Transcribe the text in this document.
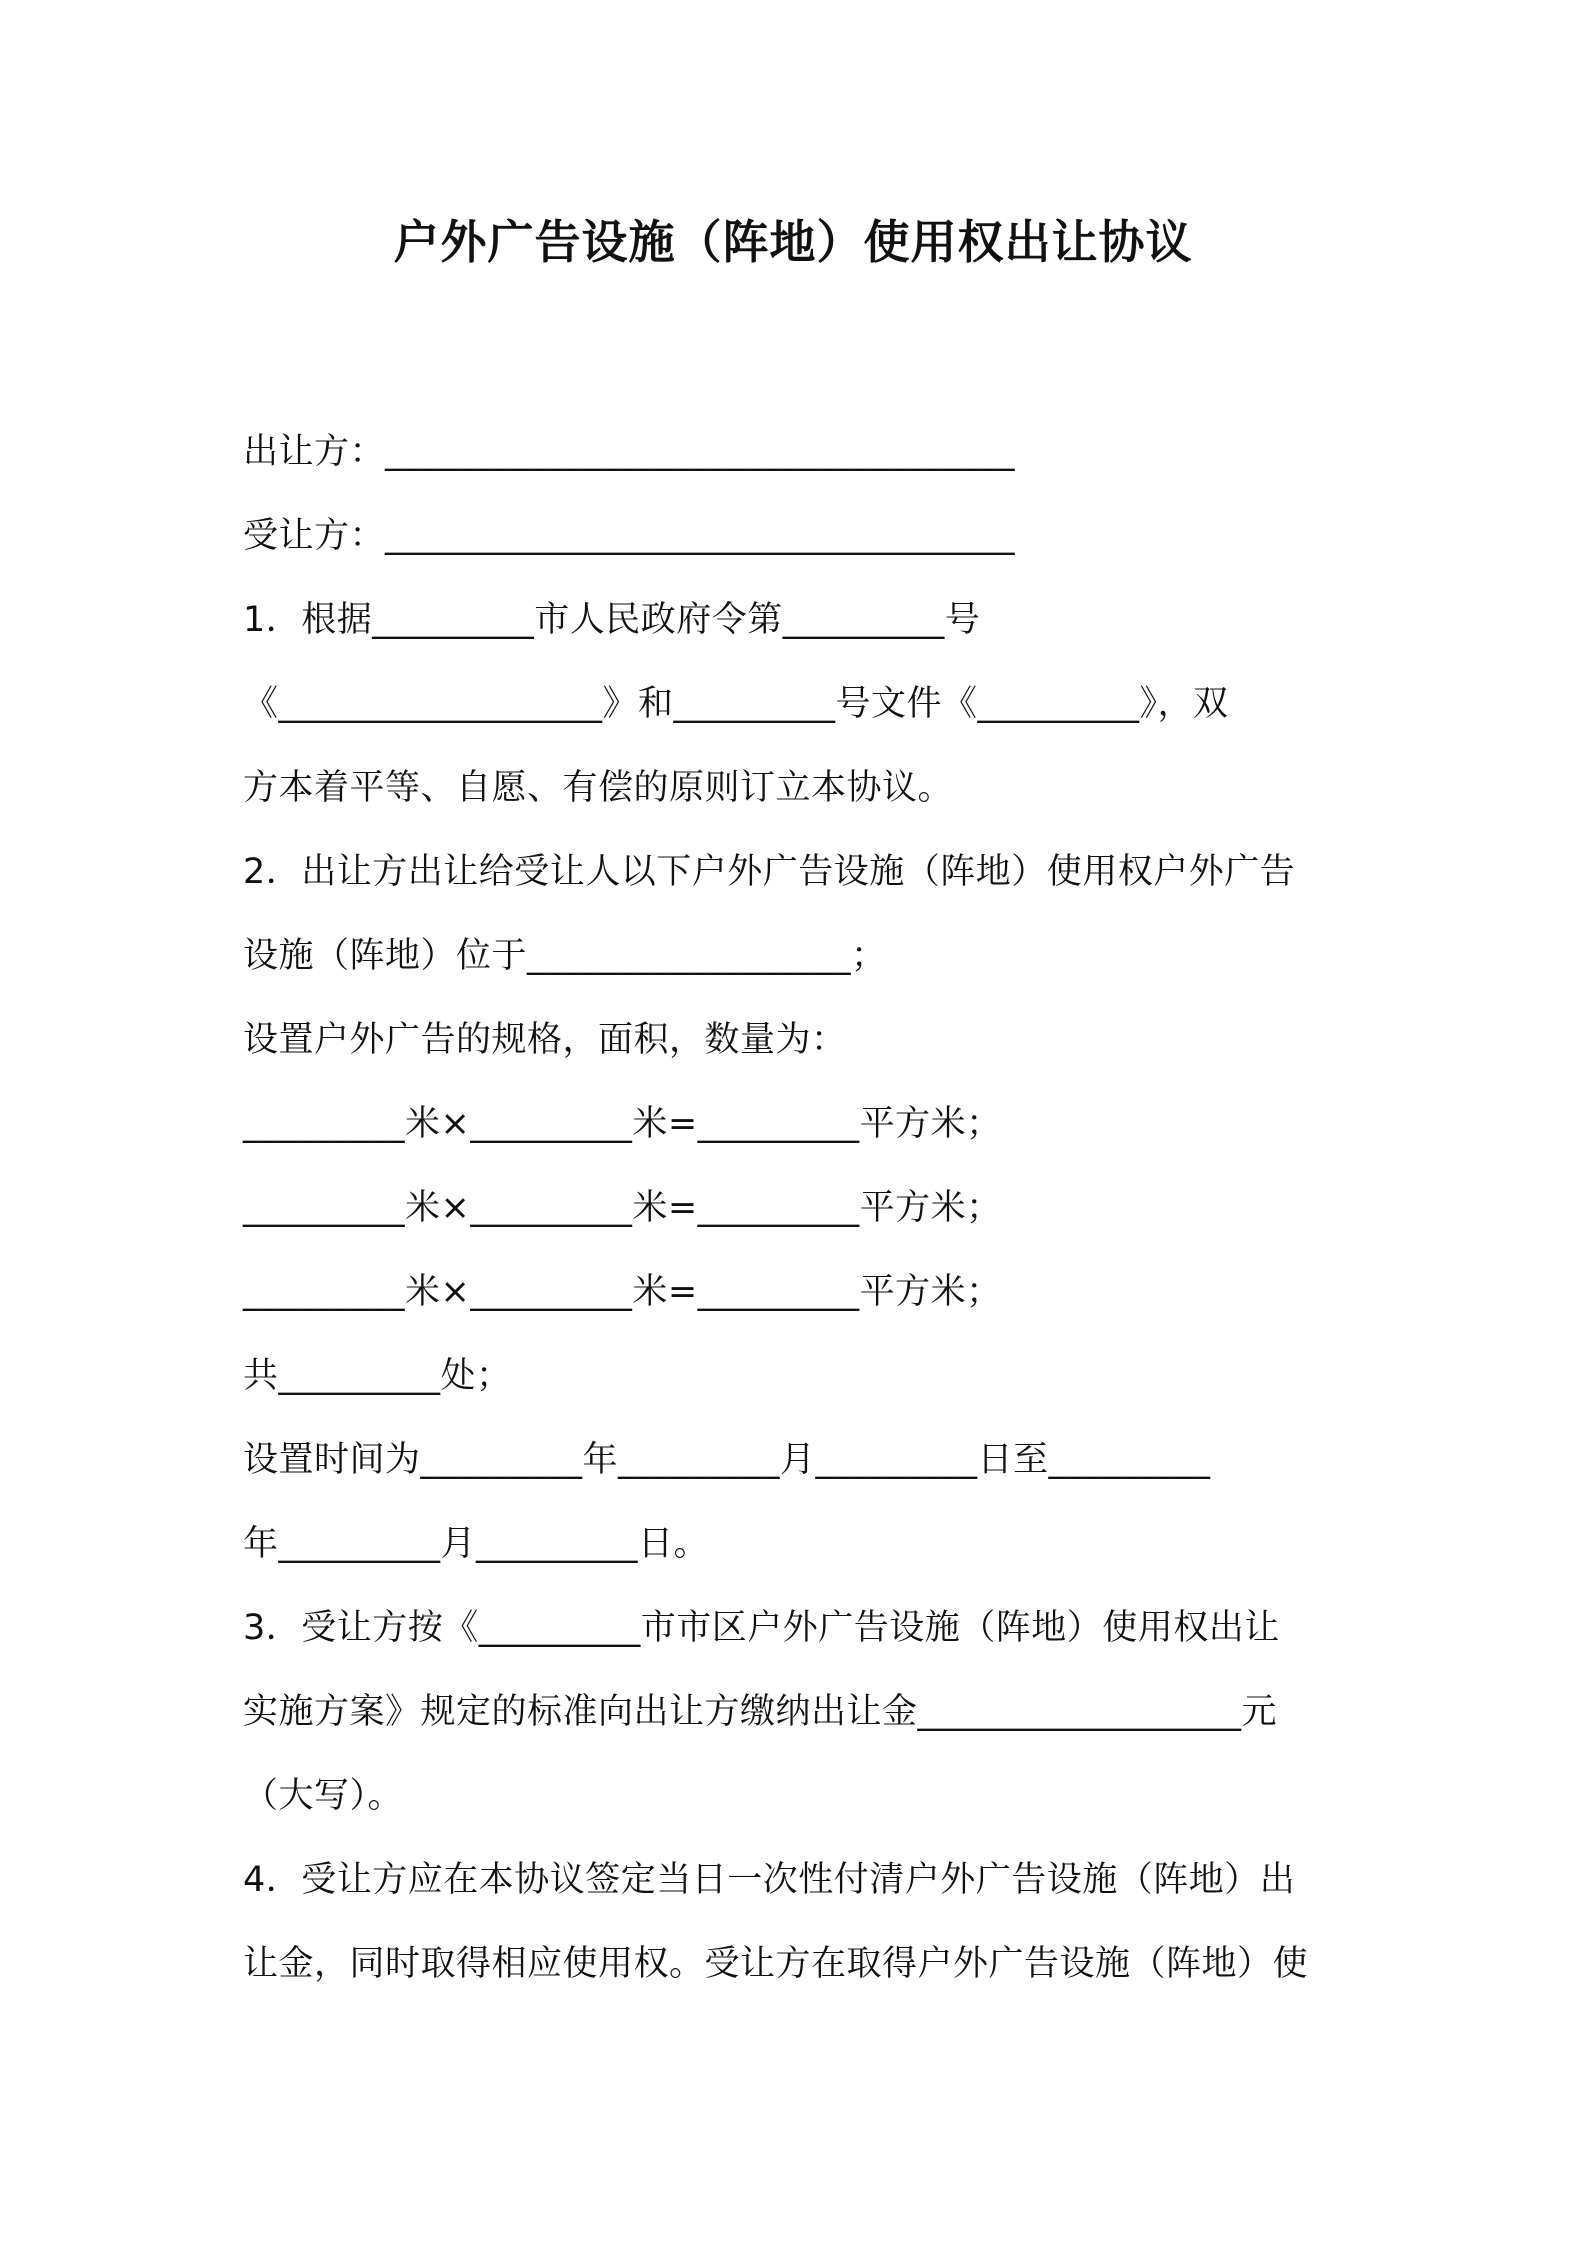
户外广告设施（阵地）使用权出让协议
出让方：___________________________________
受让方：___________________________________
1．根据_________市人民政府令第_________号
《__________________》和_________号文件《_________》，双
方本着平等、自愿、有偿的原则订立本协议。
2．出让方出让给受让人以下户外广告设施（阵地）使用权户外广告
设施（阵地）位于__________________；
设置户外广告的规格，面积，数量为：
_________米×_________米=_________平方米；
_________米×_________米=_________平方米；
_________米×_________米=_________平方米；
共_________处；
设置时间为_________年_________月_________日至_________
年_________月_________日。
3．受让方按《_________市市区户外广告设施（阵地）使用权出让
实施方案》规定的标准向出让方缴纳出让金__________________元
（大写）。
4．受让方应在本协议签定当日一次性付清户外广告设施（阵地）出
让金，同时取得相应使用权。受让方在取得户外广告设施（阵地）使
